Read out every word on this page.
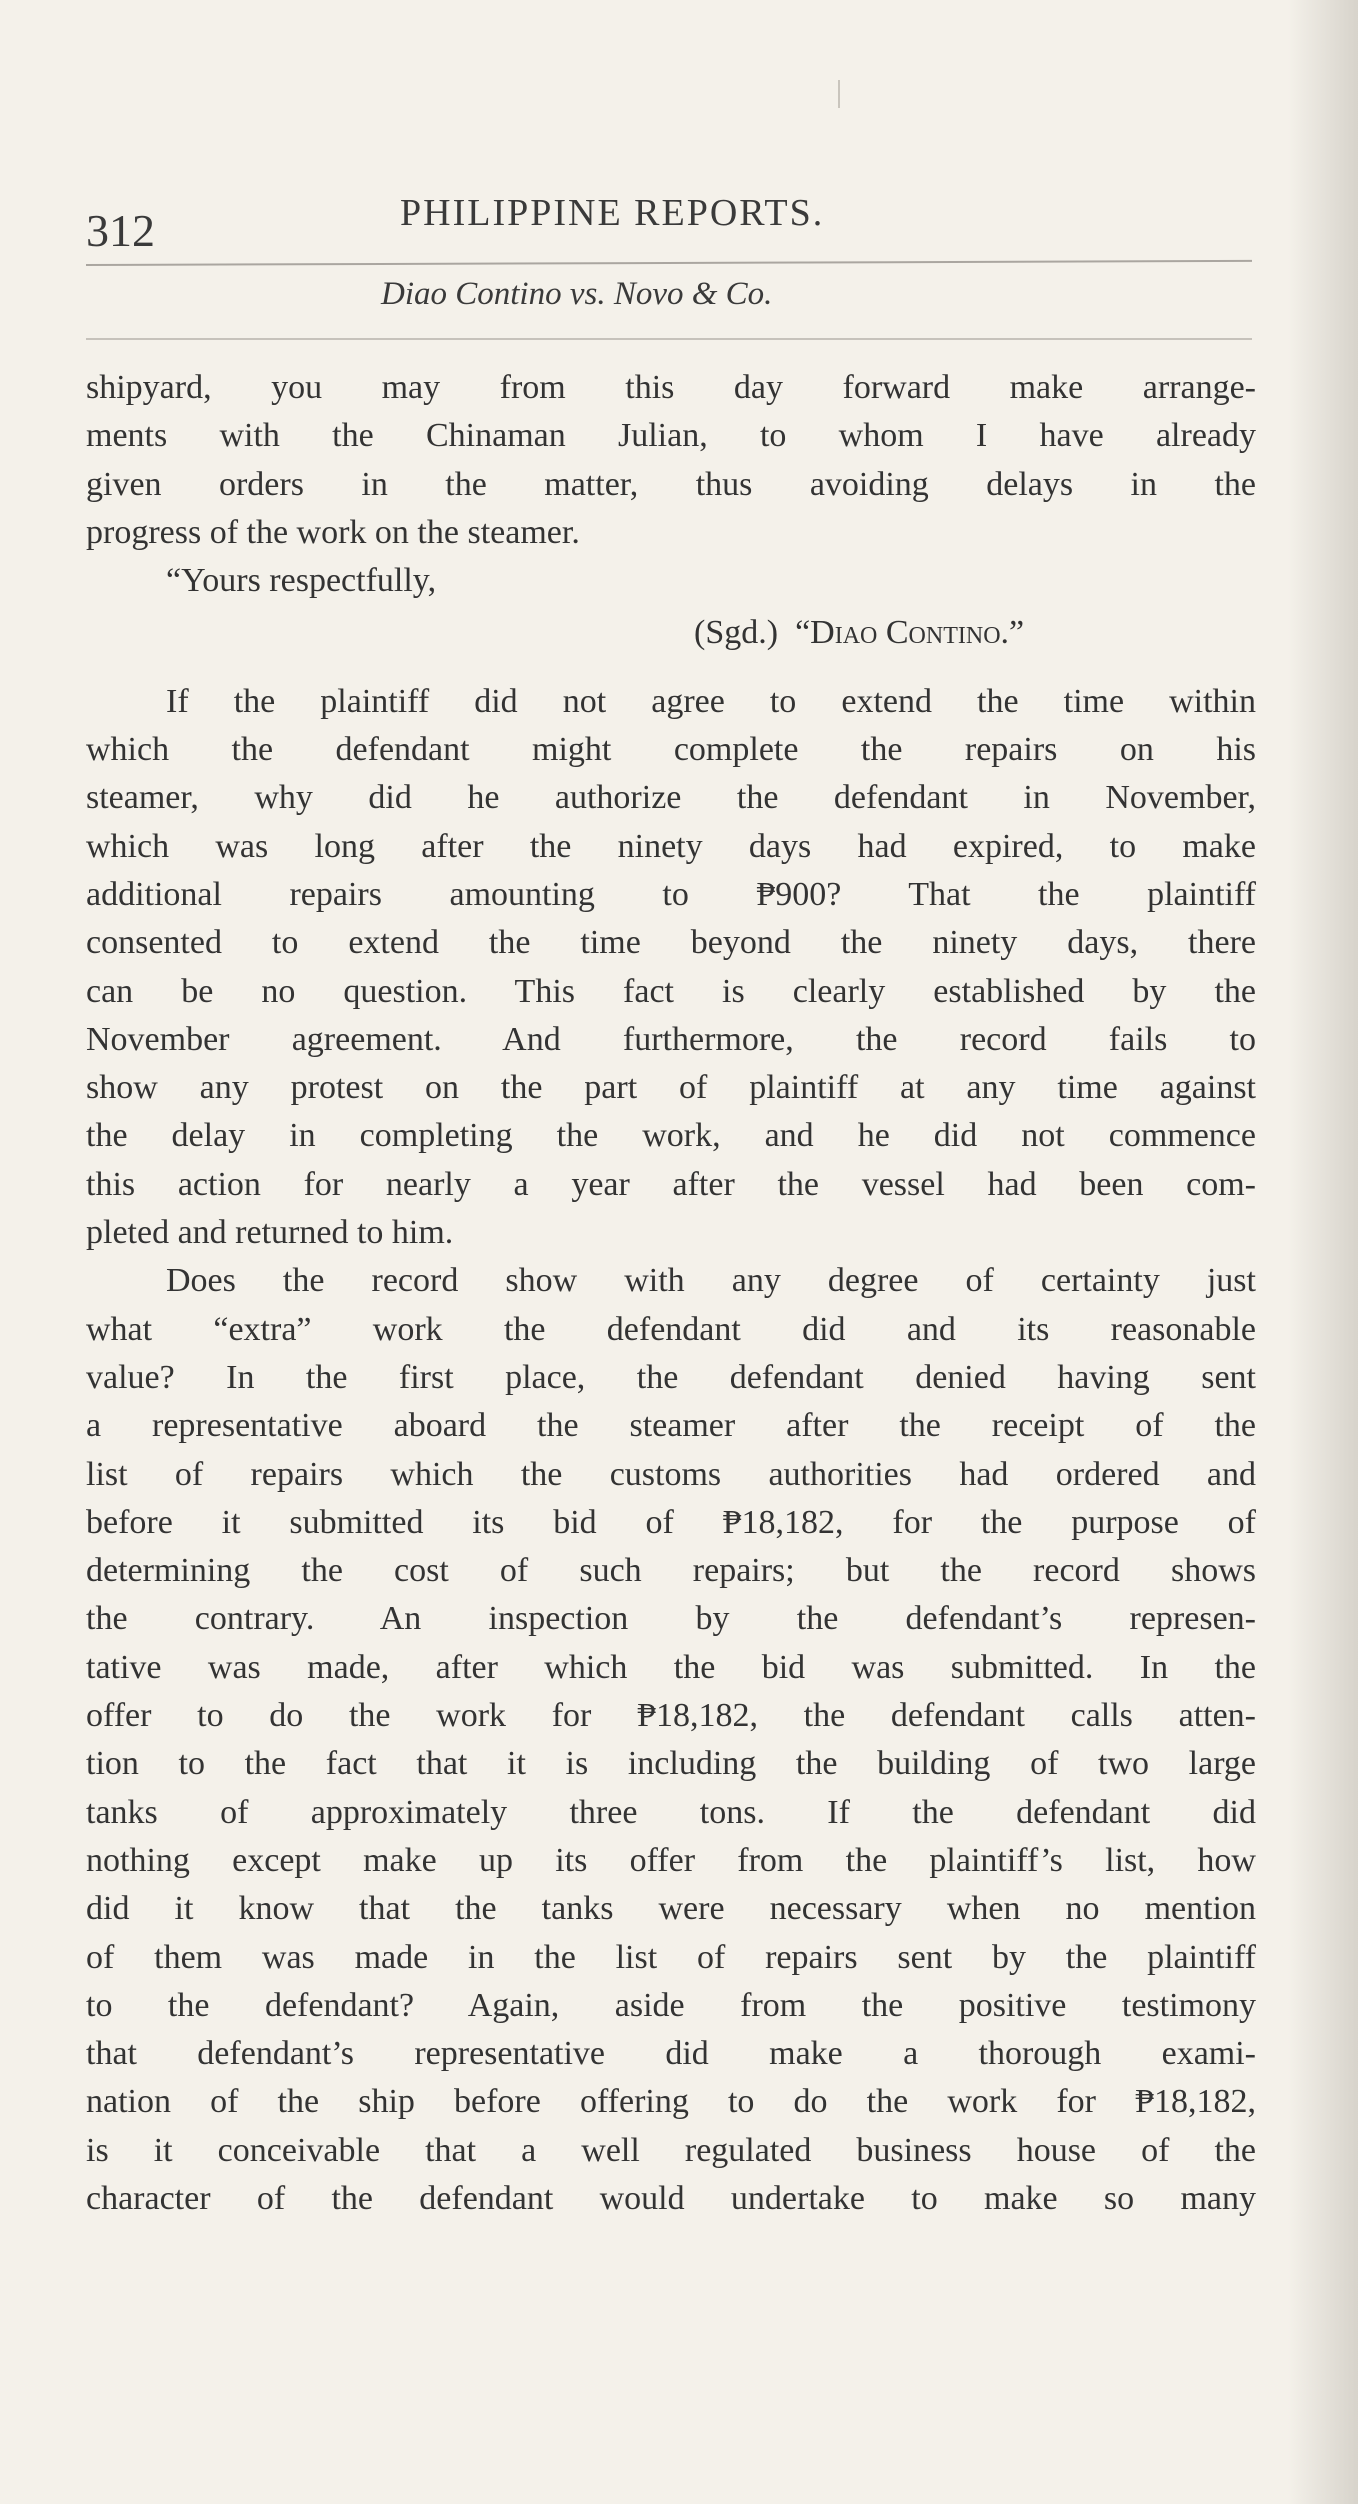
312	PHILIPPINE REPORTS.
Diao Contino vs. Novo & Co.
shipyard, you may from this day forward make arrange-
ments with the Chinaman Julian, to whom I have already
given orders in the matter, thus avoiding delays in the
progress of the work on the steamer.
“Yours respectfully,
(Sgd.) “Diao Contino.”
If the plaintiff did not agree to extend the time within
which the defendant might complete the repairs on his
steamer, why did he authorize the defendant in November,
which was long after the ninety days had expired, to make
additional repairs amounting to ₱900? That the plaintiff
consented to extend the time beyond the ninety days, there
can be no question. This fact is clearly established by the
November agreement. And furthermore, the record fails to
show any protest on the part of plaintiff at any time against
the delay in completing the work, and he did not commence
this action for nearly a year after the vessel had been com-
pleted and returned to him.
Does the record show with any degree of certainty just
what “extra” work the defendant did and its reasonable
value? In the first place, the defendant denied having sent
a representative aboard the steamer after the receipt of the
list of repairs which the customs authorities had ordered and
before it submitted its bid of ₱18,182, for the purpose of
determining the cost of such repairs; but the record shows
the contrary. An inspection by the defendant’s represen-
tative was made, after which the bid was submitted. In the
offer to do the work for ₱18,182, the defendant calls atten-
tion to the fact that it is including the building of two large
tanks of approximately three tons. If the defendant did
nothing except make up its offer from the plaintiff’s list, how
did it know that the tanks were necessary when no mention
of them was made in the list of repairs sent by the plaintiff
to the defendant? Again, aside from the positive testimony
that defendant’s representative did make a thorough exami-
nation of the ship before offering to do the work for ₱18,182,
is it conceivable that a well regulated business house of the
character of the defendant would undertake to make so many
